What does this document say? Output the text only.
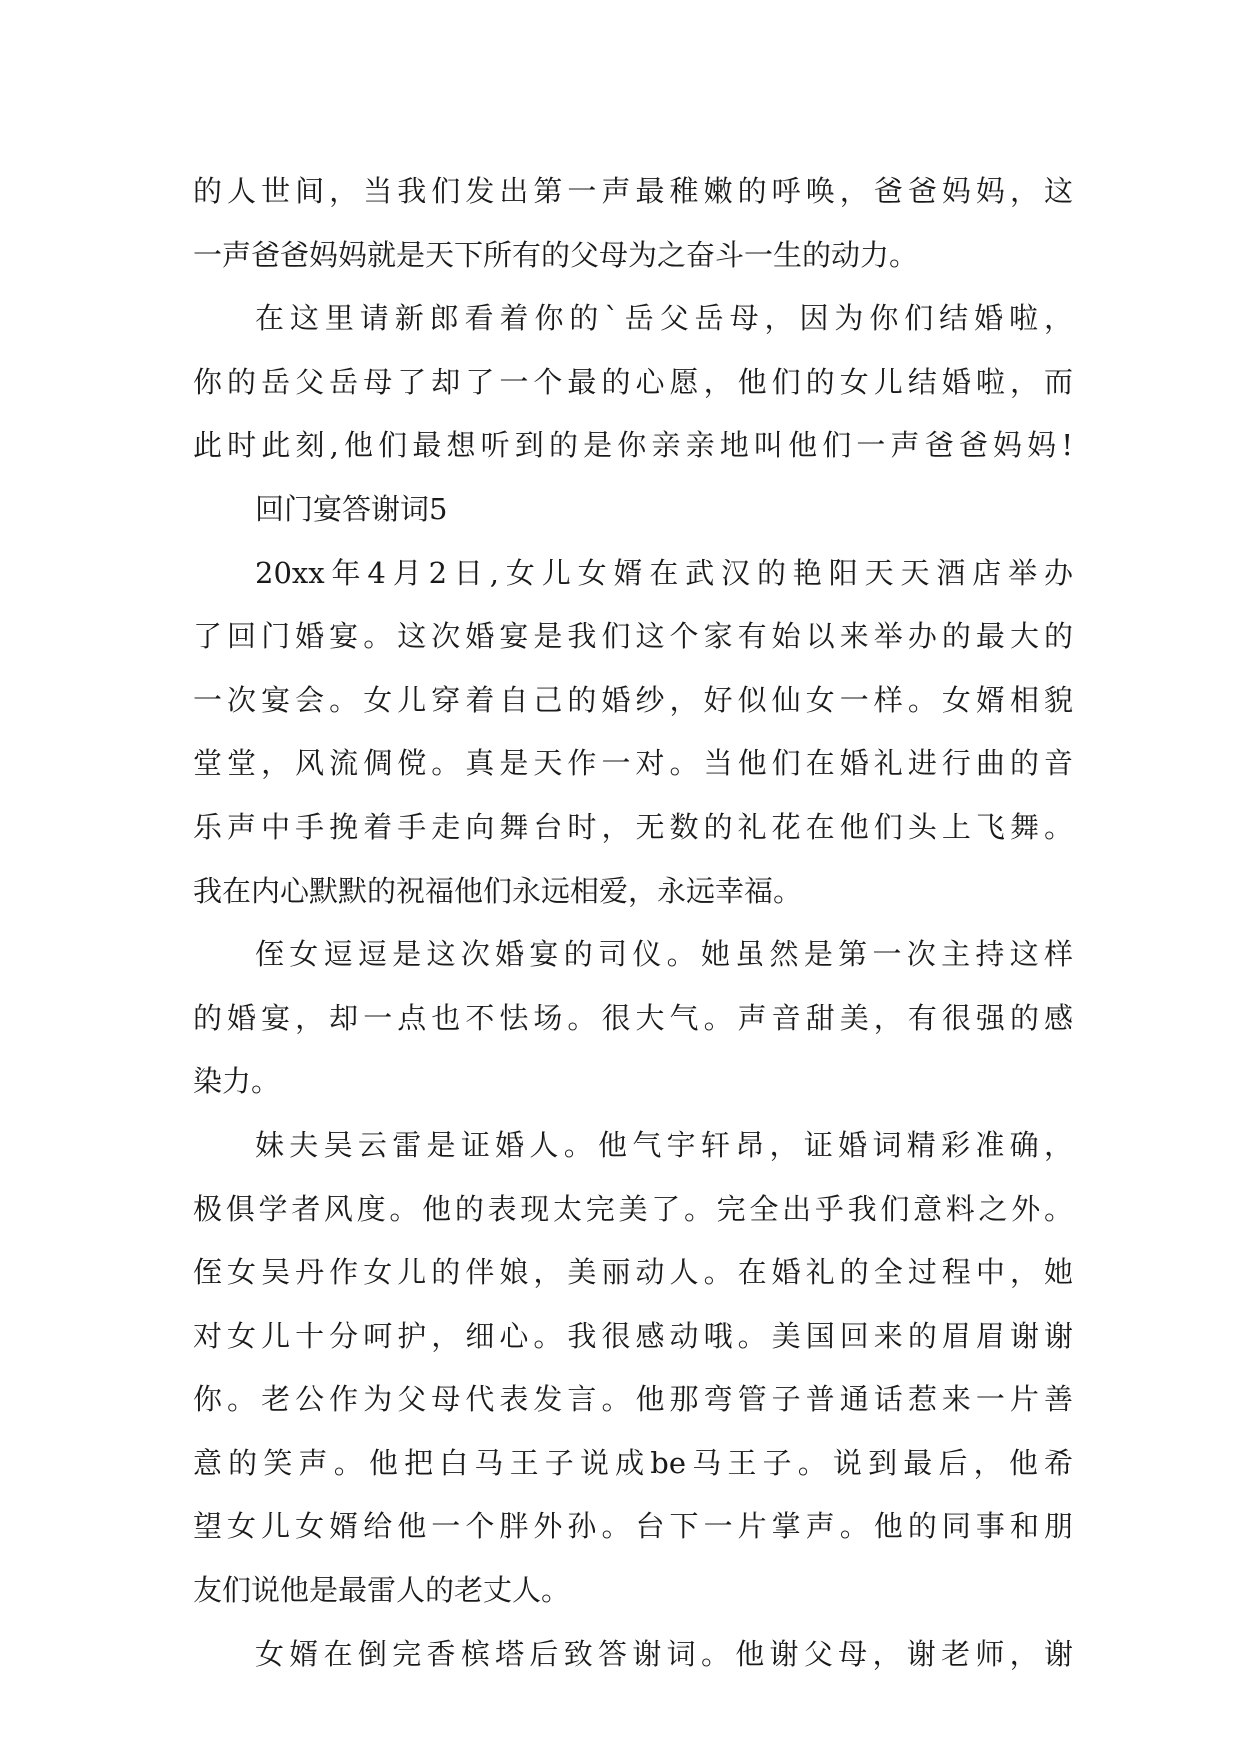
的人世间，当我们发出第一声最稚嫩的呼唤，爸爸妈妈，这
一声爸爸妈妈就是天下所有的父母为之奋斗一生的动力。
在这里请新郎看着你的`岳父岳母，因为你们结婚啦，
你的岳父岳母了却了一个最的心愿，他们的女儿结婚啦，而
此时此刻,他们最想听到的是你亲亲地叫他们一声爸爸妈妈!
回门宴答谢词5
20xx年4月2日,女儿女婿在武汉的艳阳天天酒店举办
了回门婚宴。这次婚宴是我们这个家有始以来举办的最大的
一次宴会。女儿穿着自己的婚纱，好似仙女一样。女婿相貌
堂堂，风流倜傥。真是天作一对。当他们在婚礼进行曲的音
乐声中手挽着手走向舞台时，无数的礼花在他们头上飞舞。
我在内心默默的祝福他们永远相爱，永远幸福。
侄女逗逗是这次婚宴的司仪。她虽然是第一次主持这样
的婚宴，却一点也不怯场。很大气。声音甜美，有很强的感
染力。
妹夫吴云雷是证婚人。他气宇轩昂，证婚词精彩准确，
极俱学者风度。他的表现太完美了。完全出乎我们意料之外。
侄女吴丹作女儿的伴娘，美丽动人。在婚礼的全过程中，她
对女儿十分呵护，细心。我很感动哦。美国回来的眉眉谢谢
你。老公作为父母代表发言。他那弯管子普通话惹来一片善
意的笑声。他把白马王子说成be马王子。说到最后，他希
望女儿女婿给他一个胖外孙。台下一片掌声。他的同事和朋
友们说他是最雷人的老丈人。
女婿在倒完香槟塔后致答谢词。他谢父母，谢老师，谢
